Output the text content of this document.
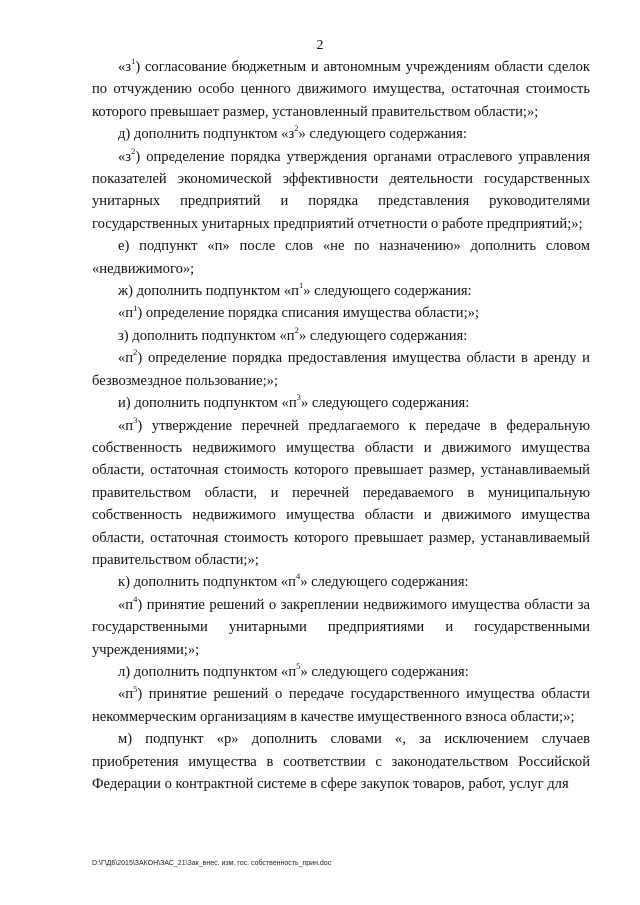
2

«$з^1$) согласование бюджетным и автономным учреждениям области сделок по отчуждению особо ценного движимого имущества, остаточная стоимость которого превышает размер, установленный правительством области;»;

д) дополнить подпунктом «$з^2$» следующего содержания:

«$з^2$) определение порядка утверждения органами отраслевого управления показателей экономической эффективности деятельности государственных унитарных предприятий и порядка представления руководителями государственных унитарных предприятий отчетности о работе предприятий;»;

е) подпункт «п» после слов «не по назначению» дополнить словом «недвижимого»;

ж) дополнить подпунктом «$п^1$» следующего содержания:

«$п^1$) определение порядка списания имущества области;»;

з) дополнить подпунктом «$п^2$» следующего содержания:

«$п^2$) определение порядка предоставления имущества области в аренду и безвозмездное пользование;»;

и) дополнить подпунктом «$п^3$» следующего содержания:

«$п^3$) утверждение перечней предлагаемого к передаче в федеральную собственность недвижимого имущества области и движимого имущества области, остаточная стоимость которого превышает размер, устанавливаемый правительством области, и перечней передаваемого в муниципальную собственность недвижимого имущества области и движимого имущества области, остаточная стоимость которого превышает размер, устанавливаемый правительством области;»;

к) дополнить подпунктом «$п^4$» следующего содержания:

«$п^4$) принятие решений о закреплении недвижимого имущества области за государственными унитарными предприятиями и государственными учреждениями;»;

л) дополнить подпунктом «$п^5$» следующего содержания:

«$п^5$) принятие решений о передаче государственного имущества области некоммерческим организациям в качестве имущественного взноса области;»;

м) подпункт «р» дополнить словами «, за исключением случаев приобретения имущества в соответствии с законодательством Российской Федерации о контрактной системе в сфере закупок товаров, работ, услуг для

D:\Г\Д6\2015\ЗАКОН\ЗАС_21\Зак_внес. изм. гос. собственность_прин.doc
